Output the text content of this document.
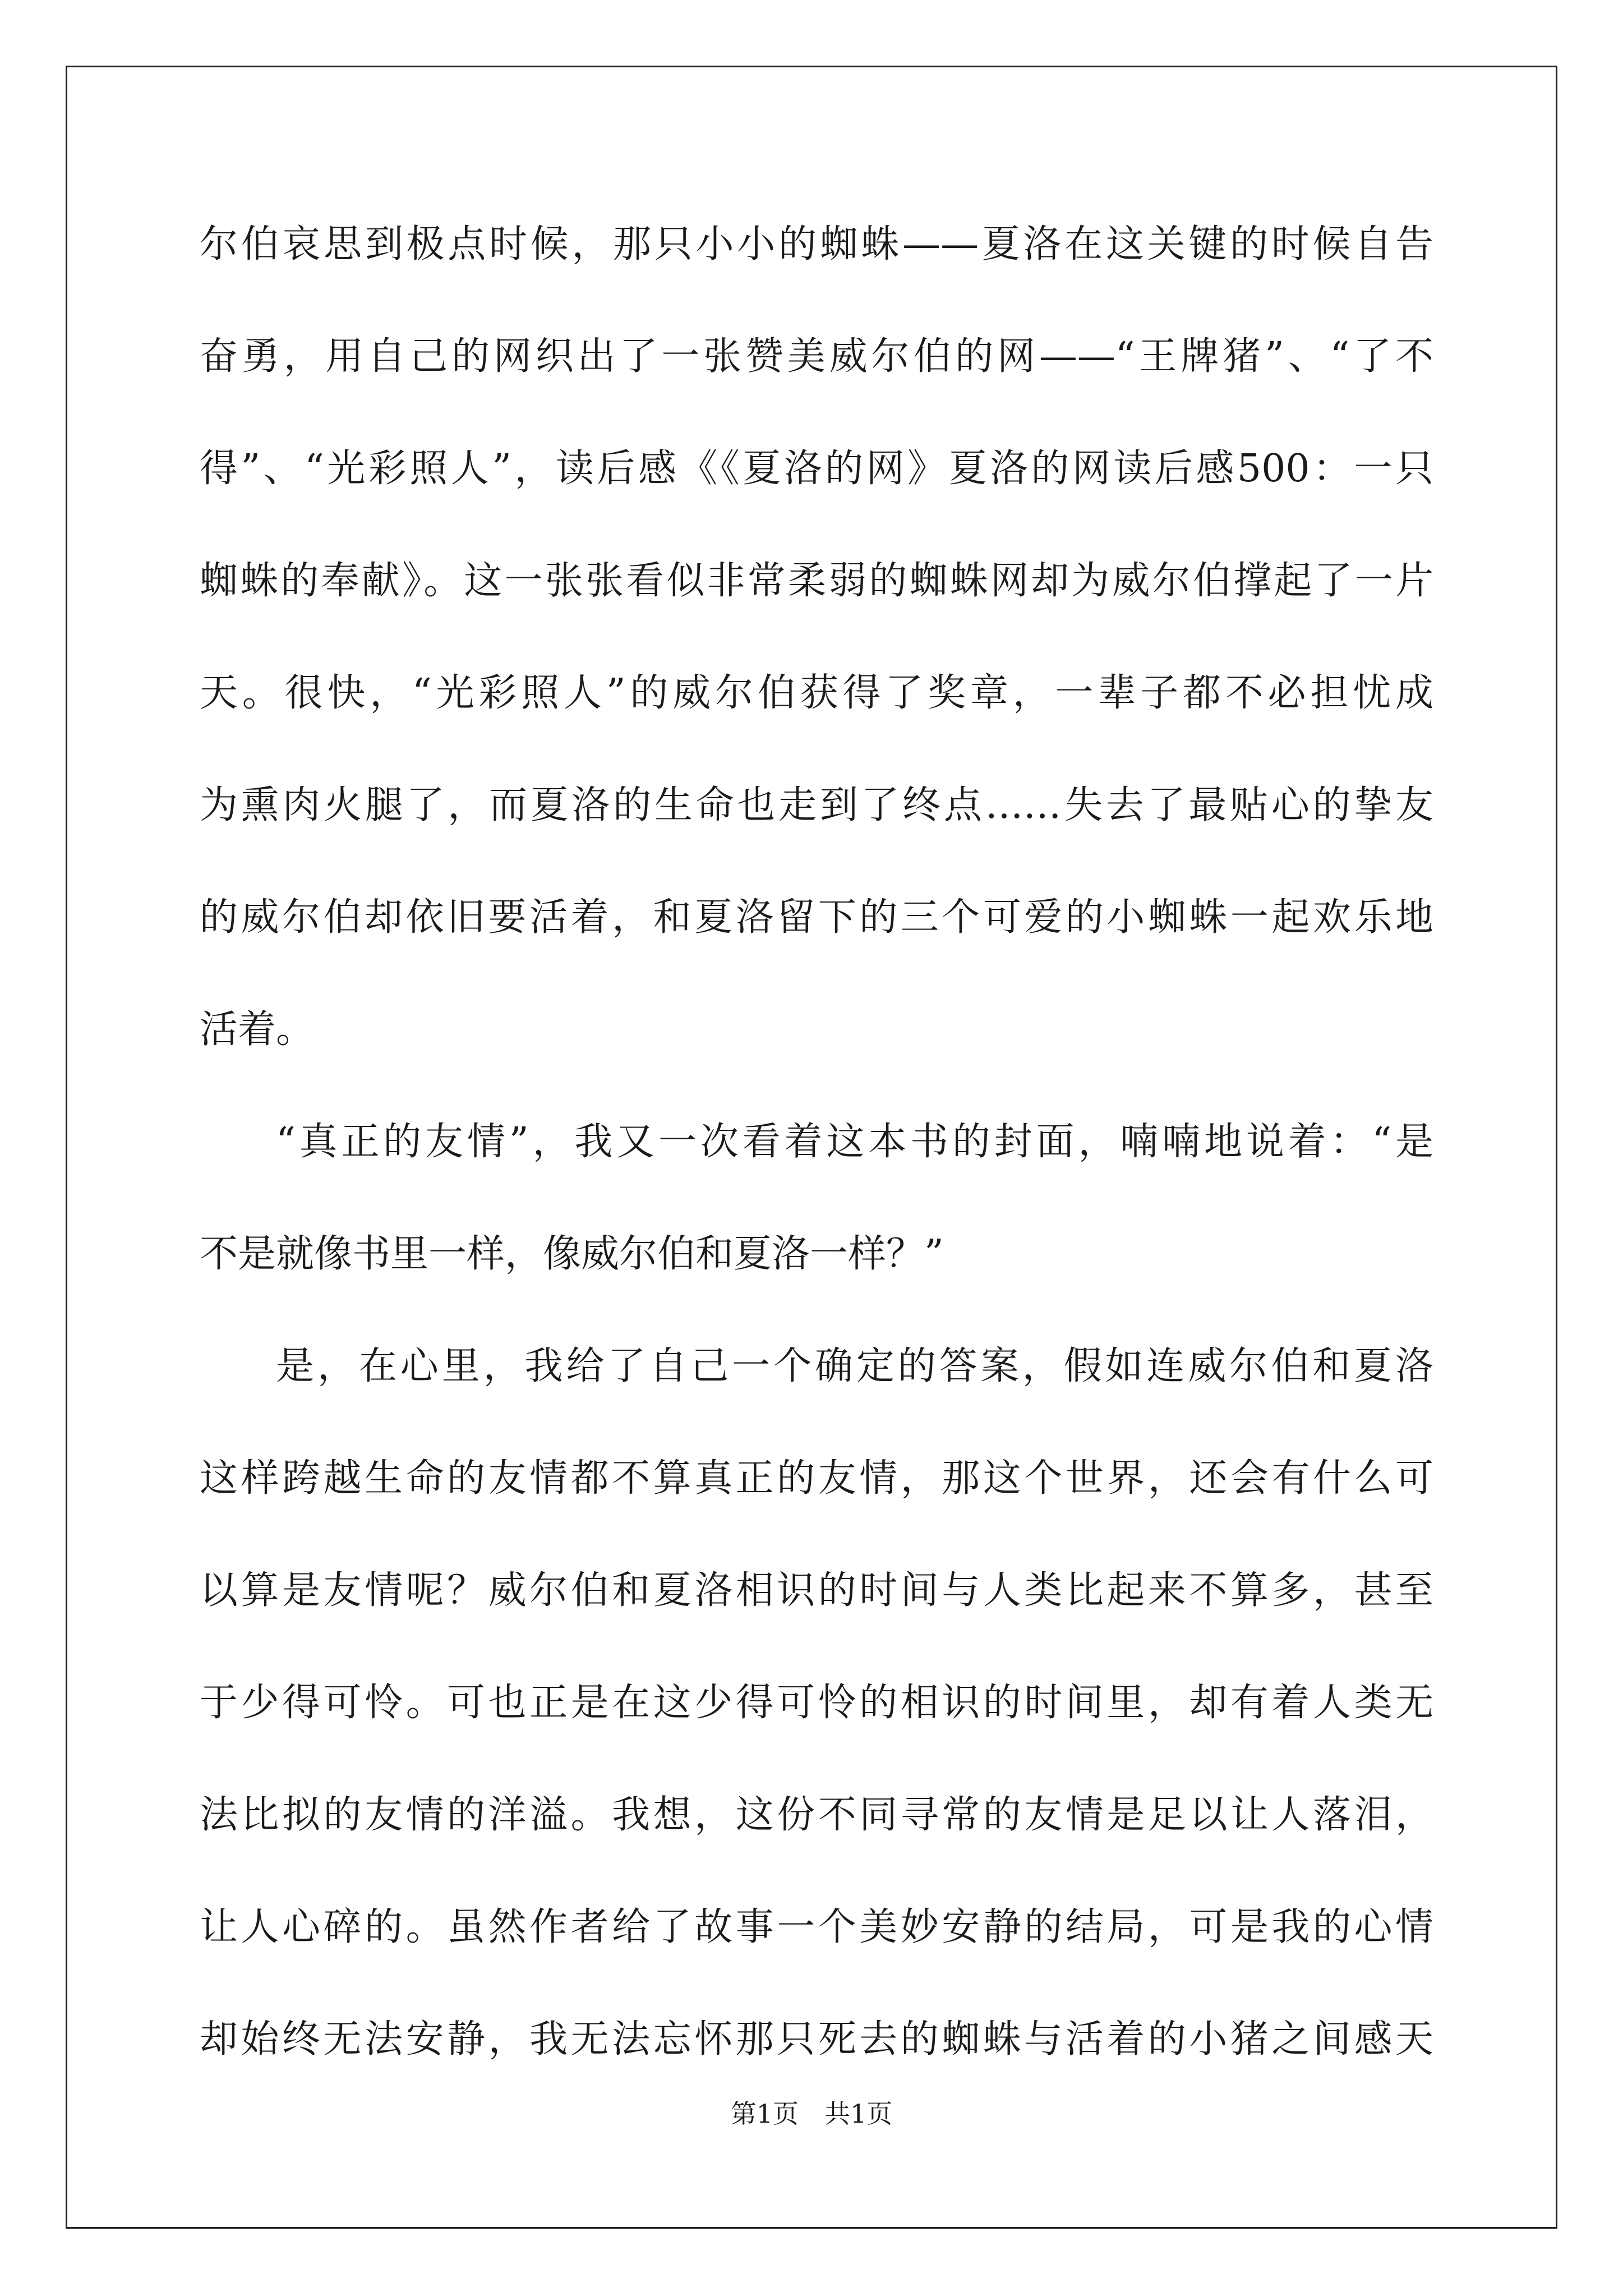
尔伯哀思到极点时候，那只小小的蜘蛛——夏洛在这关键的时候自告
奋勇，用自己的网织出了一张赞美威尔伯的网——“王牌猪”、“了不
得”、“光彩照人”，读后感《《夏洛的网》夏洛的网读后感500：一只
蜘蛛的奉献》。这一张张看似非常柔弱的蜘蛛网却为威尔伯撑起了一片
天。很快，“光彩照人”的威尔伯获得了奖章，一辈子都不必担忧成
为熏肉火腿了，而夏洛的生命也走到了终点……失去了最贴心的挚友
的威尔伯却依旧要活着，和夏洛留下的三个可爱的小蜘蛛一起欢乐地
活着。
“真正的友情”，我又一次看着这本书的封面，喃喃地说着：“是
不是就像书里一样，像威尔伯和夏洛一样？”
是，在心里，我给了自己一个确定的答案，假如连威尔伯和夏洛
这样跨越生命的友情都不算真正的友情，那这个世界，还会有什么可
以算是友情呢？威尔伯和夏洛相识的时间与人类比起来不算多，甚至
于少得可怜。可也正是在这少得可怜的相识的时间里，却有着人类无
法比拟的友情的洋溢。我想，这份不同寻常的友情是足以让人落泪，
让人心碎的。虽然作者给了故事一个美妙安静的结局，可是我的心情
却始终无法安静，我无法忘怀那只死去的蜘蛛与活着的小猪之间感天
第1页　共1页
